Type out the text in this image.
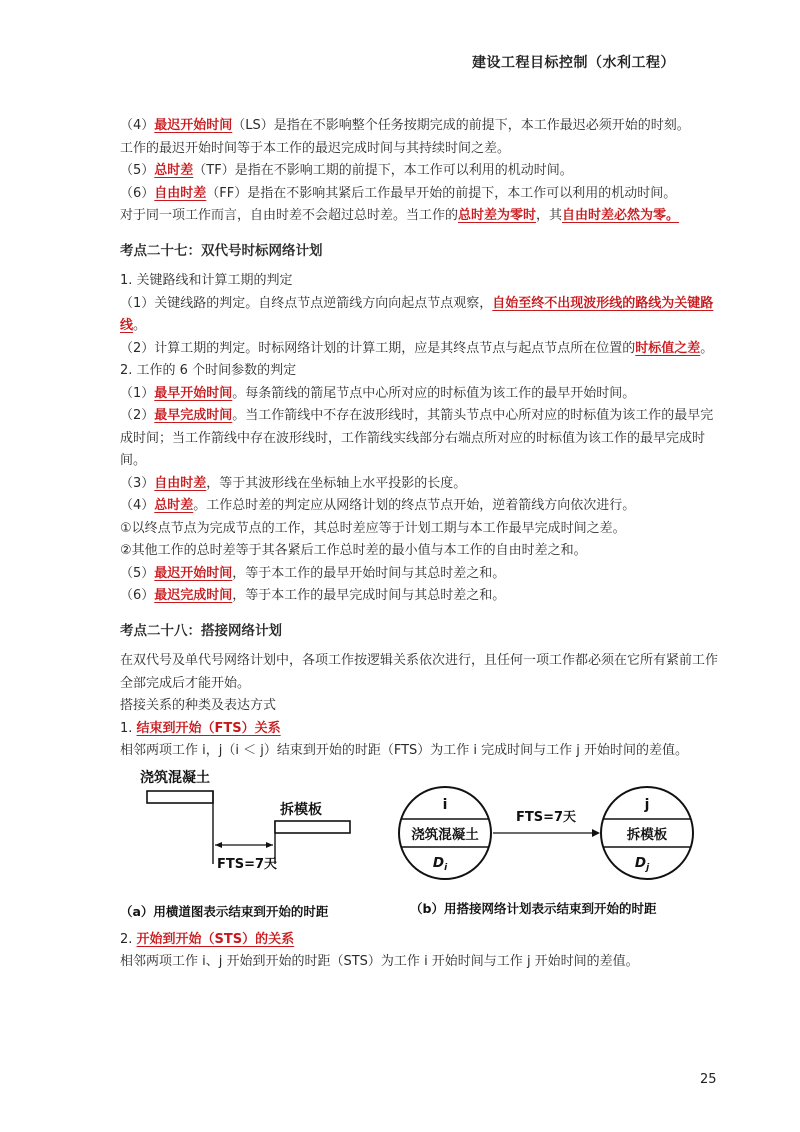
建设工程目标控制（水利工程）

（4）最迟开始时间（LS）是指在不影响整个任务按期完成的前提下，本工作最迟必须开始的时刻。

工作的最迟开始时间等于本工作的最迟完成时间与其持续时间之差。

（5）总时差（TF）是指在不影响工期的前提下，本工作可以利用的机动时间。

（6）自由时差（FF）是指在不影响其紧后工作最早开始的前提下，本工作可以利用的机动时间。

对于同一项工作而言，自由时差不会超过总时差。当工作的总时差为零时，其自由时差必然为零。

考点二十七：双代号时标网络计划

1. 关键路线和计算工期的判定

（1）关键线路的判定。自终点节点逆箭线方向向起点节点观察，自始至终不出现波形线的路线为关键路线。

（2）计算工期的判定。时标网络计划的计算工期，应是其终点节点与起点节点所在位置的时标值之差。

2. 工作的 6 个时间参数的判定

（1）最早开始时间。每条箭线的箭尾节点中心所对应的时标值为该工作的最早开始时间。

（2）最早完成时间。当工作箭线中不存在波形线时，其箭头节点中心所对应的时标值为该工作的最早完成时间；当工作箭线中存在波形线时，工作箭线实线部分右端点所对应的时标值为该工作的最早完成时间。

（3）自由时差，等于其波形线在坐标轴上水平投影的长度。

（4）总时差。工作总时差的判定应从网络计划的终点节点开始，逆着箭线方向依次进行。

①以终点节点为完成节点的工作，其总时差应等于计划工期与本工作最早完成时间之差。

②其他工作的总时差等于其各紧后工作总时差的最小值与本工作的自由时差之和。

（5）最迟开始时间，等于本工作的最早开始时间与其总时差之和。

（6）最迟完成时间，等于本工作的最早完成时间与其总时差之和。

考点二十八：搭接网络计划

在双代号及单代号网络计划中，各项工作按逻辑关系依次进行，且任何一项工作都必须在它所有紧前工作全部完成后才能开始。

搭接关系的种类及表达方式

1. 结束到开始（FTS）关系

相邻两项工作 i，j（i ＜ j）结束到开始的时距（FTS）为工作 i 完成时间与工作 j 开始时间的差值。

浇筑混凝土
拆模板
FTS=7天
（a）用横道图表示结束到开始的时距
i
浇筑混凝土
$D_i$
FTS=7天
j
拆模板
$D_j$
（b）用搭接网络计划表示结束到开始的时距

2. 开始到开始（STS）的关系

相邻两项工作 i、j 开始到开始的时距（STS）为工作 i 开始时间与工作 j 开始时间的差值。

25
